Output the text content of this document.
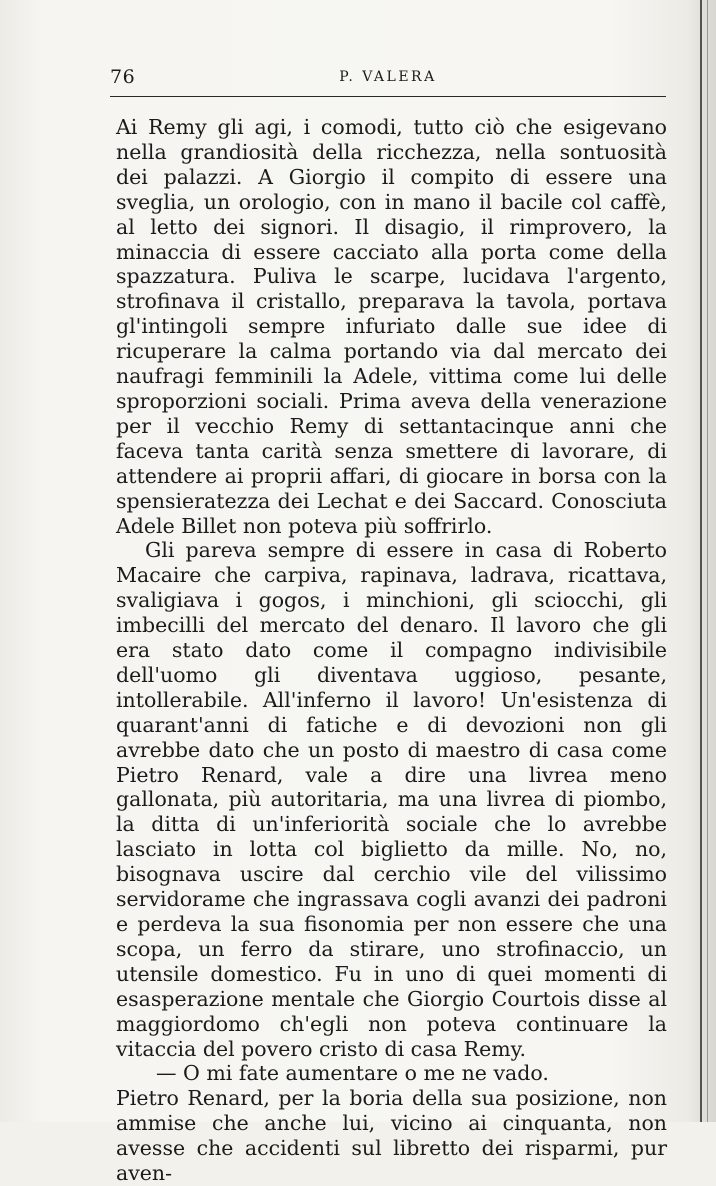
76	P. VALERA

Ai Remy gli agi, i comodi, tutto ciò che esigevano nella grandiosità della ricchezza, nella sontuosità dei palazzi. A Giorgio il compito di essere una sveglia, un orologio, con in mano il bacile col caffè, al letto dei signori. Il disagio, il rimprovero, la minaccia di essere cacciato alla porta come della spazzatura. Puliva le scarpe, lucidava l'argento, strofinava il cristallo, preparava la tavola, portava gl'intingoli sempre infuriato dalle sue idee di ricuperare la calma portando via dal mercato dei naufragi femminili la Adele, vittima come lui delle sproporzioni sociali. Prima aveva della venerazione per il vecchio Remy di settantacinque anni che faceva tanta carità senza smettere di lavorare, di attendere ai proprii affari, di giocare in borsa con la spensieratezza dei Lechat e dei Saccard. Conosciuta Adele Billet non poteva più soffrirlo.

Gli pareva sempre di essere in casa di Roberto Macaire che carpiva, rapinava, ladrava, ricattava, svaligiava i gogos, i minchioni, gli sciocchi, gli imbecilli del mercato del denaro. Il lavoro che gli era stato dato come il compagno indivisibile dell'uomo gli diventava uggioso, pesante, intollerabile. All'inferno il lavoro! Un'esistenza di quarant'anni di fatiche e di devozioni non gli avrebbe dato che un posto di maestro di casa come Pietro Renard, vale a dire una livrea meno gallonata, più autoritaria, ma una livrea di piombo, la ditta di un'inferiorità sociale che lo avrebbe lasciato in lotta col biglietto da mille. No, no, bisognava uscire dal cerchio vile del vilissimo servidorame che ingrassava cogli avanzi dei padroni e perdeva la sua fisonomia per non essere che una scopa, un ferro da stirare, uno strofinaccio, un utensile domestico. Fu in uno di quei momenti di esasperazione mentale che Giorgio Courtois disse al maggiordomo ch'egli non poteva continuare la vitaccia del povero cristo di casa Remy.

— O mi fate aumentare o me ne vado.

Pietro Renard, per la boria della sua posizione, non ammise che anche lui, vicino ai cinquanta, non avesse che accidenti sul libretto dei risparmi, pur aven-
